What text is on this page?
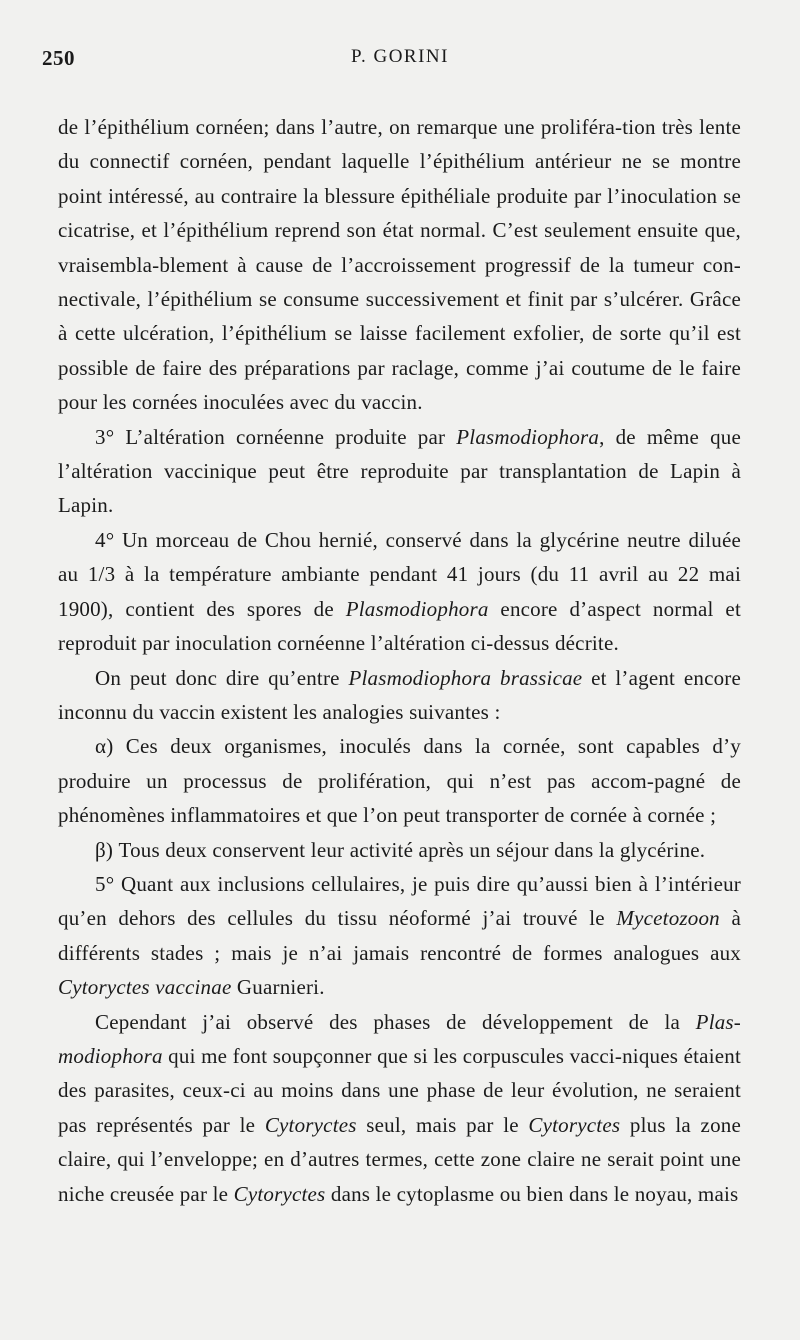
250	P. GORINI

de l’épithélium cornéen; dans l’autre, on remarque une proliféra-tion très lente du connectif cornéen, pendant laquelle l’épithélium antérieur ne se montre point intéressé, au contraire la blessure épithéliale produite par l’inoculation se cicatrise, et l’épithélium reprend son état normal. C’est seulement ensuite que, vraisembla-blement à cause de l’accroissement progressif de la tumeur con-nectivale, l’épithélium se consume successivement et finit par s’ulcérer. Grâce à cette ulcération, l’épithélium se laisse facilement exfolier, de sorte qu’il est possible de faire des préparations par raclage, comme j’ai coutume de le faire pour les cornées inoculées avec du vaccin.

3° L’altération cornéenne produite par Plasmodiophora, de même que l’altération vaccinique peut être reproduite par transplantation de Lapin à Lapin.

4° Un morceau de Chou hernié, conservé dans la glycérine neutre diluée au 1/3 à la température ambiante pendant 41 jours (du 11 avril au 22 mai 1900), contient des spores de Plasmodiophora encore d’aspect normal et reproduit par inoculation cornéenne l’altération ci-dessus décrite.

On peut donc dire qu’entre Plasmodiophora brassicae et l’agent encore inconnu du vaccin existent les analogies suivantes :

α) Ces deux organismes, inoculés dans la cornée, sont capables d’y produire un processus de prolifération, qui n’est pas accom-pagné de phénomènes inflammatoires et que l’on peut transporter de cornée à cornée ;

β) Tous deux conservent leur activité après un séjour dans la glycérine.

5° Quant aux inclusions cellulaires, je puis dire qu’aussi bien à l’intérieur qu’en dehors des cellules du tissu néoformé j’ai trouvé le Mycetozoon à différents stades ; mais je n’ai jamais rencontré de formes analogues aux Cytoryctes vaccinae Guarnieri.

Cependant j’ai observé des phases de développement de la Plas-modiophora qui me font soupçonner que si les corpuscules vacci-niques étaient des parasites, ceux-ci au moins dans une phase de leur évolution, ne seraient pas représentés par le Cytoryctes seul, mais par le Cytoryctes plus la zone claire, qui l’enveloppe; en d’autres termes, cette zone claire ne serait point une niche creusée par le Cytoryctes dans le cytoplasme ou bien dans le noyau, mais
